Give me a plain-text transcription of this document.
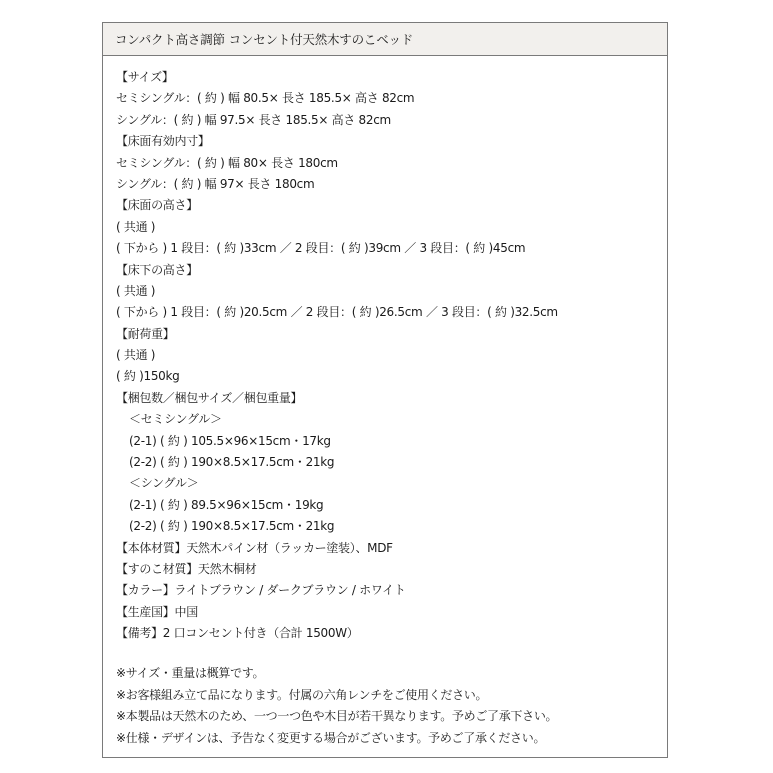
コンパクト高さ調節 コンセント付天然木すのこベッド
【サイズ】
セミシングル：( 約 ) 幅 80.5× 長さ 185.5× 高さ 82cm
シングル：( 約 ) 幅 97.5× 長さ 185.5× 高さ 82cm
【床面有効内寸】
セミシングル：( 約 ) 幅 80× 長さ 180cm
シングル：( 約 ) 幅 97× 長さ 180cm
【床面の高さ】
( 共通 )
( 下から ) 1 段目：( 約 )33cm ／ 2 段目：( 約 )39cm ／ 3 段目：( 約 )45cm
【床下の高さ】
( 共通 )
( 下から ) 1 段目：( 約 )20.5cm ／ 2 段目：( 約 )26.5cm ／ 3 段目：( 約 )32.5cm
【耐荷重】
( 共通 )
( 約 )150kg
【梱包数／梱包サイズ／梱包重量】
＜セミシングル＞
(2-1) ( 約 ) 105.5×96×15cm・17kg
(2-2) ( 約 ) 190×8.5×17.5cm・21kg
＜シングル＞
(2-1) ( 約 ) 89.5×96×15cm・19kg
(2-2) ( 約 ) 190×8.5×17.5cm・21kg
【本体材質】天然木パイン材（ラッカー塗装）、MDF
【すのこ材質】天然木桐材
【カラー】ライトブラウン / ダークブラウン / ホワイト
【生産国】中国
【備考】2 口コンセント付き（合計 1500W）
※サイズ・重量は概算です。
※お客様組み立て品になります。付属の六角レンチをご使用ください。
※本製品は天然木のため、一つ一つ色や木目が若干異なります。予めご了承下さい。
※仕様・デザインは、予告なく変更する場合がございます。予めご了承ください。
